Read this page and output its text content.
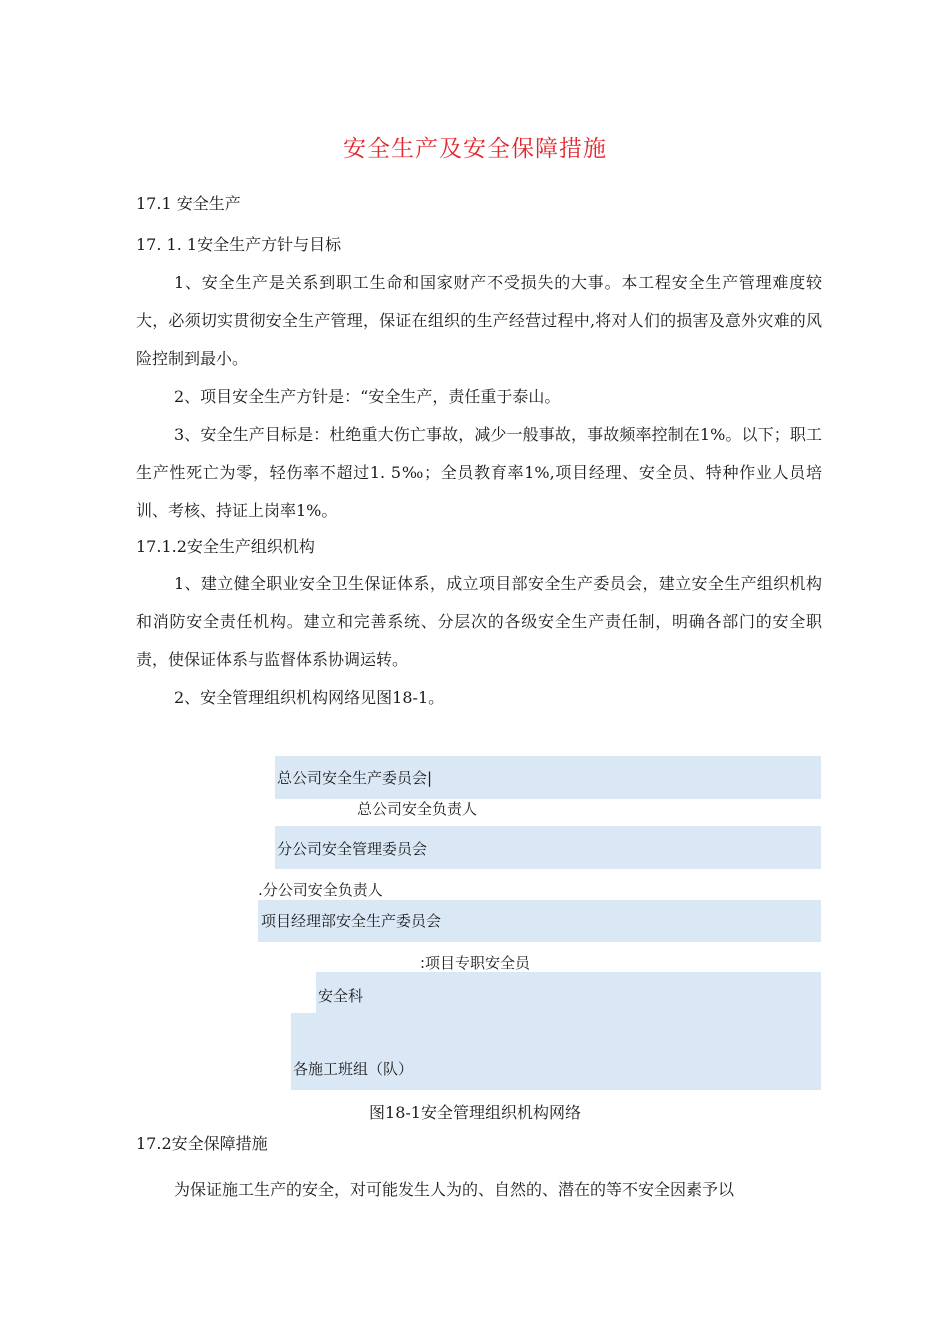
安全生产及安全保障措施
17.1 安全生产
17. 1. 1安全生产方针与目标
1、安全生产是关系到职工生命和国家财产不受损失的大事。本工程安全生产管理难度较大，必须切实贯彻安全生产管理，保证在组织的生产经营过程中,将对人们的损害及意外灾难的风险控制到最小。
2、项目安全生产方针是：“安全生产，责任重于泰山。
3、安全生产目标是：杜绝重大伤亡事故，减少一般事故，事故频率控制在1%。以下；职工生产性死亡为零，轻伤率不超过1. 5‰；全员教育率1%,项目经理、安全员、特种作业人员培训、考核、持证上岗率1%。
17.1.2安全生产组织机构
1、建立健全职业安全卫生保证体系，成立项目部安全生产委员会，建立安全生产组织机构和消防安全责任机构。建立和完善系统、分层次的各级安全生产责任制，明确各部门的安全职责，使保证体系与监督体系协调运转。
2、安全管理组织机构网络见图18-1。
总公司安全生产委员会|
总公司安全负责人
分公司安全管理委员会
.分公司安全负责人
项目经理部安全生产委员会
:项目专职安全员
安全科
各施工班组（队）
图18-1安全管理组织机构网络
17.2安全保障措施
为保证施工生产的安全，对可能发生人为的、自然的、潜在的等不安全因素予以
